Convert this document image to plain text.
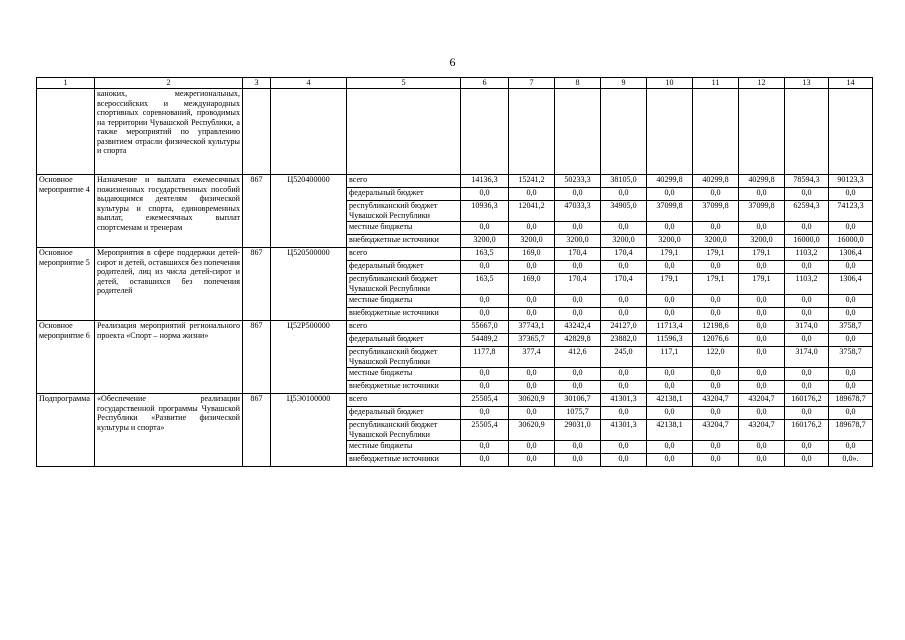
6
1	2	3	4	5	6	7	8	9	10	11	12	13	14
	каноких, межрегиональных, всероссийских и международных спортивных соревнований, проводимых на территории Чувашской Республики, а также мероприятий по управлению развитием отрасли физической культуры и спорта												
Основное мероприятие 4	Назначение и выплата ежемесячных пожизненных государственных пособий выдающимся деятелям физической культуры и спорта, единовременных выплат, ежемесячных выплат спортсменам и тренерам	867	Ц520400000	всего	14136,3	15241,2	50233,3	38105,0	40299,8	40299,8	40299,8	78594,3	90123,3
				федеральный бюджет	0,0	0,0	0,0	0,0	0,0	0,0	0,0	0,0	0,0
				республиканский бюджет Чувашской Республики	10936,3	12041,2	47033,3	34905,0	37099,8	37099,8	37099,8	62594,3	74123,3
				местные бюджеты	0,0	0,0	0,0	0,0	0,0	0,0	0,0	0,0	0,0
				внебюджетные источники	3200,0	3200,0	3200,0	3200,0	3200,0	3200,0	3200,0	16000,0	16000,0
Основное мероприятие 5	Мероприятия в сфере поддержки детей-сирот и детей, оставшихся без попечения родителей, лиц из числа детей-сирот и детей, оставшихся без попечения родителей	867	Ц520500000	всего	163,5	169,0	170,4	170,4	179,1	179,1	179,1	1103,2	1306,4
				федеральный бюджет	0,0	0,0	0,0	0,0	0,0	0,0	0,0	0,0	0,0
				республиканский бюджет Чувашской Республики	163,5	169,0	170,4	170,4	179,1	179,1	179,1	1103,2	1306,4
				местные бюджеты	0,0	0,0	0,0	0,0	0,0	0,0	0,0	0,0	0,0
				внебюджетные источники	0,0	0,0	0,0	0,0	0,0	0,0	0,0	0,0	0,0
Основное мероприятие 6	Реализация мероприятий регионального проекта «Спорт – норма жизни»	867	Ц52P500000	всего	55667,0	37743,1	43242,4	24127,0	11713,4	12198,6	0,0	3174,0	3758,7
				федеральный бюджет	54489,2	37365,7	42829,8	23882,0	11596,3	12076,6	0,0	0,0	0,0
				республиканский бюджет Чувашской Республики	1177,8	377,4	412,6	245,0	117,1	122,0	0,0	3174,0	3758,7
				местные бюджеты	0,0	0,0	0,0	0,0	0,0	0,0	0,0	0,0	0,0
				внебюджетные источники	0,0	0,0	0,0	0,0	0,0	0,0	0,0	0,0	0,0
Подпрограмма	«Обеспечение реализации государственной программы Чувашской Республики «Развитие физической культуры и спорта»	867	Ц5Э0100000	всего	25505,4	30620,9	30106,7	41301,3	42138,1	43204,7	43204,7	160176,2	189678,7
				федеральный бюджет	0,0	0,0	1075,7	0,0	0,0	0,0	0,0	0,0	0,0
				республиканский бюджет Чувашской Республики	25505,4	30620,9	29031,0	41301,3	42138,1	43204,7	43204,7	160176,2	189678,7
				местные бюджеты	0,0	0,0	0,0	0,0	0,0	0,0	0,0	0,0	0,0
				внебюджетные источники	0,0	0,0	0,0	0,0	0,0	0,0	0,0	0,0	0,0».
